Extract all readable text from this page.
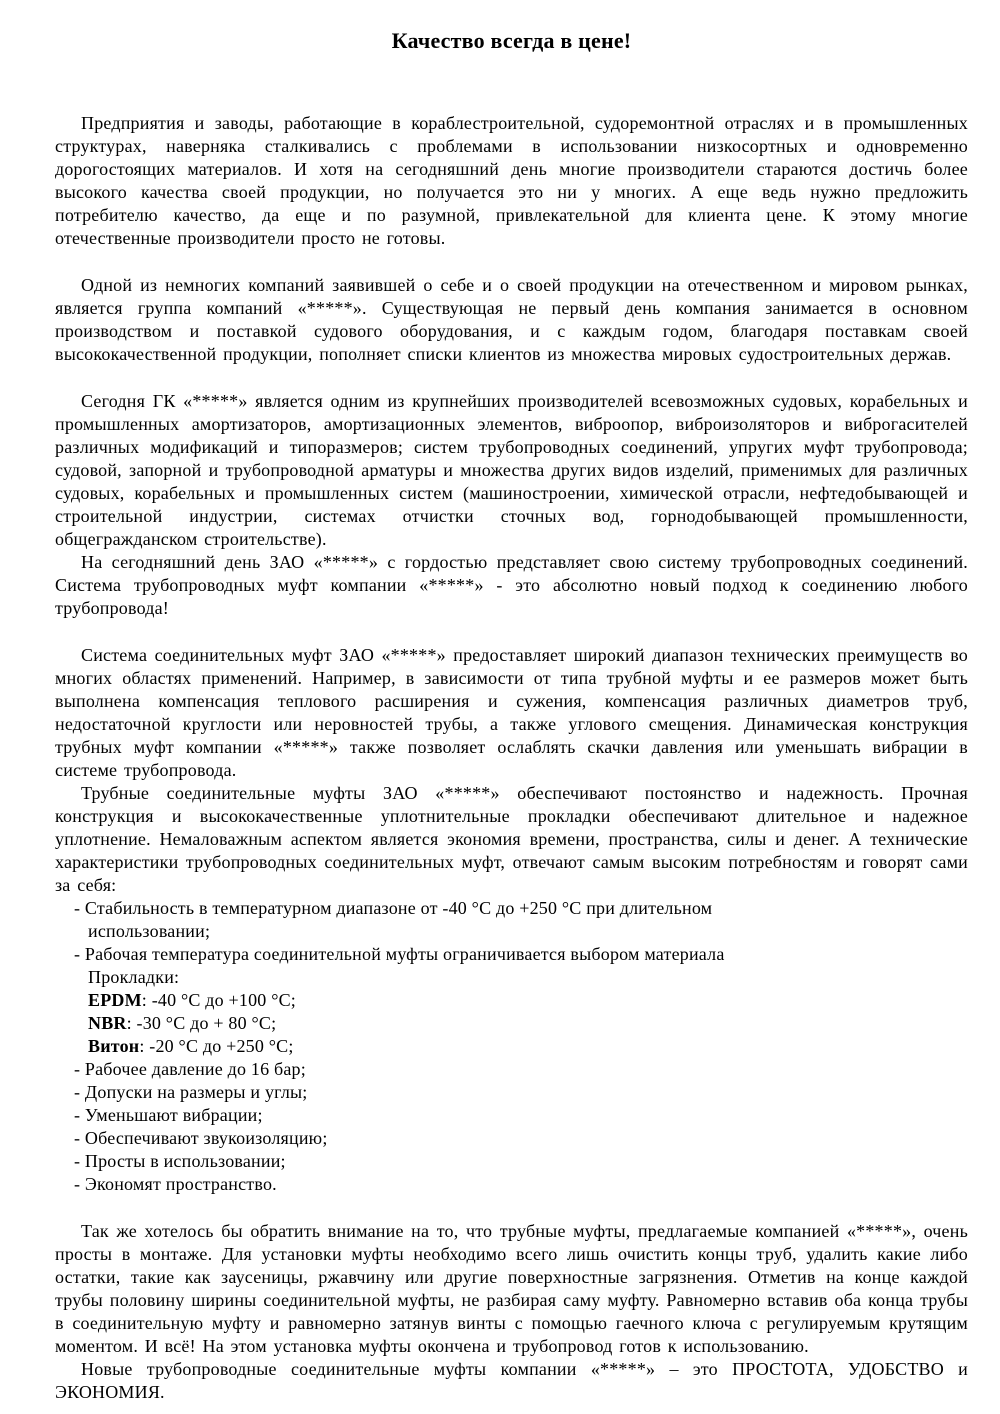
Качество всегда в цене!

Предприятия и заводы, работающие в кораблестроительной, судоремонтной отраслях и в промышленных структурах, наверняка сталкивались с проблемами в использовании низкосортных и одновременно дорогостоящих материалов. И хотя на сегодняшний день многие производители стараются достичь более высокого качества своей продукции, но получается это ни у многих. А еще ведь нужно предложить потребителю качество, да еще и по разумной, привлекательной для клиента цене. К этому многие отечественные производители просто не готовы.

Одной из немногих компаний заявившей о себе и о своей продукции на отечественном и мировом рынках, является группа компаний «*****». Существующая не первый день компания занимается в основном производством и поставкой судового оборудования, и с каждым годом, благодаря поставкам своей высококачественной продукции, пополняет списки клиентов из множества мировых судостроительных держав.

Сегодня ГК «*****» является одним из крупнейших производителей всевозможных судовых, корабельных и промышленных амортизаторов, амортизационных элементов, виброопор, виброизоляторов и виброгасителей различных модификаций и типоразмеров; систем трубопроводных соединений, упругих муфт трубопровода; судовой, запорной и трубопроводной арматуры и множества других видов изделий, применимых для различных судовых, корабельных и промышленных систем (машиностроении, химической отрасли, нефтедобывающей и строительной индустрии, системах отчистки сточных вод, горнодобывающей промышленности, общегражданском строительстве).

На сегодняшний день ЗАО «*****» с гордостью представляет свою систему трубопроводных соединений. Система трубопроводных муфт компании «*****» - это абсолютно новый подход к соединению любого трубопровода!

Система соединительных муфт ЗАО «*****» предоставляет широкий диапазон технических преимуществ во многих областях применений. Например, в зависимости от типа трубной муфты и ее размеров может быть выполнена компенсация теплового расширения и сужения, компенсация различных диаметров труб, недостаточной круглости или неровностей трубы, а также углового смещения. Динамическая конструкция трубных муфт компании «*****» также позволяет ослаблять скачки давления или уменьшать вибрации в системе трубопровода.

Трубные соединительные муфты ЗАО «*****» обеспечивают постоянство и надежность. Прочная конструкция и высококачественные уплотнительные прокладки обеспечивают длительное и надежное уплотнение. Немаловажным аспектом является экономия времени, пространства, силы и денег. А технические характеристики трубопроводных соединительных муфт, отвечают самым высоким потребностям и говорят сами за себя:

- Стабильность в температурном диапазоне от -40 °C до +250 °C при длительном
использовании;
- Рабочая температура соединительной муфты ограничивается выбором материала
Прокладки:
EPDM: -40 °C до +100 °C;
NBR: -30 °C до + 80 °C;
Витон: -20 °C до +250 °C;
- Рабочее давление до 16 бар;
- Допуски на размеры и углы;
- Уменьшают вибрации;
- Обеспечивают звукоизоляцию;
- Просты в использовании;
- Экономят пространство.

Так же хотелось бы обратить внимание на то, что трубные муфты, предлагаемые компанией «*****», очень просты в монтаже. Для установки муфты необходимо всего лишь очистить концы труб, удалить какие либо остатки, такие как заусеницы, ржавчину или другие поверхностные загрязнения. Отметив на конце каждой трубы половину ширины соединительной муфты, не разбирая саму муфту. Равномерно вставив оба конца трубы в соединительную муфту и равномерно затянув винты с помощью гаечного ключа с регулируемым крутящим моментом. И всё! На этом установка муфты окончена и трубопровод готов к использованию.

Новые трубопроводные соединительные муфты компании «*****» – это ПРОСТОТА, УДОБСТВО и ЭКОНОМИЯ.
